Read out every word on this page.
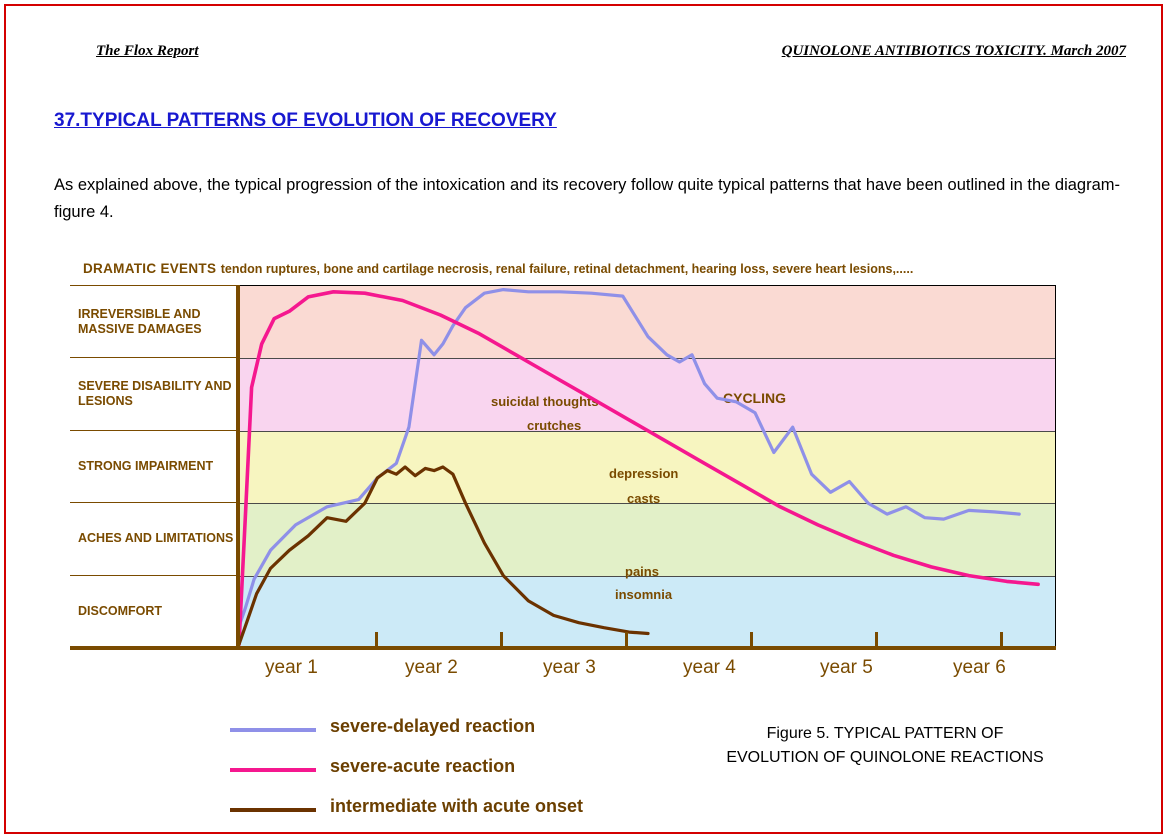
The Flox Report	QUINOLONE ANTIBIOTICS TOXICITY. March 2007
37.TYPICAL PATTERNS OF EVOLUTION OF RECOVERY
As explained above, the typical progression of the intoxication and its recovery follow quite typical patterns that have been outlined in the diagram-figure 4.
DRAMATIC EVENTS tendon ruptures, bone and cartilage necrosis, renal failure, retinal detachment, hearing loss, severe heart lesions,.....
IRREVERSIBLE AND MASSIVE DAMAGES
SEVERE DISABILITY AND LESIONS
STRONG IMPAIRMENT
ACHES AND LIMITATIONS
DISCOMFORT
suicidal thoughts
crutches
CYCLING
depression
casts
pains
insomnia
year 1	year 2	year 3	year 4	year 5	year 6
severe-delayed reaction
severe-acute reaction
intermediate with acute onset
Figure 5. TYPICAL PATTERN OF EVOLUTION OF QUINOLONE REACTIONS
